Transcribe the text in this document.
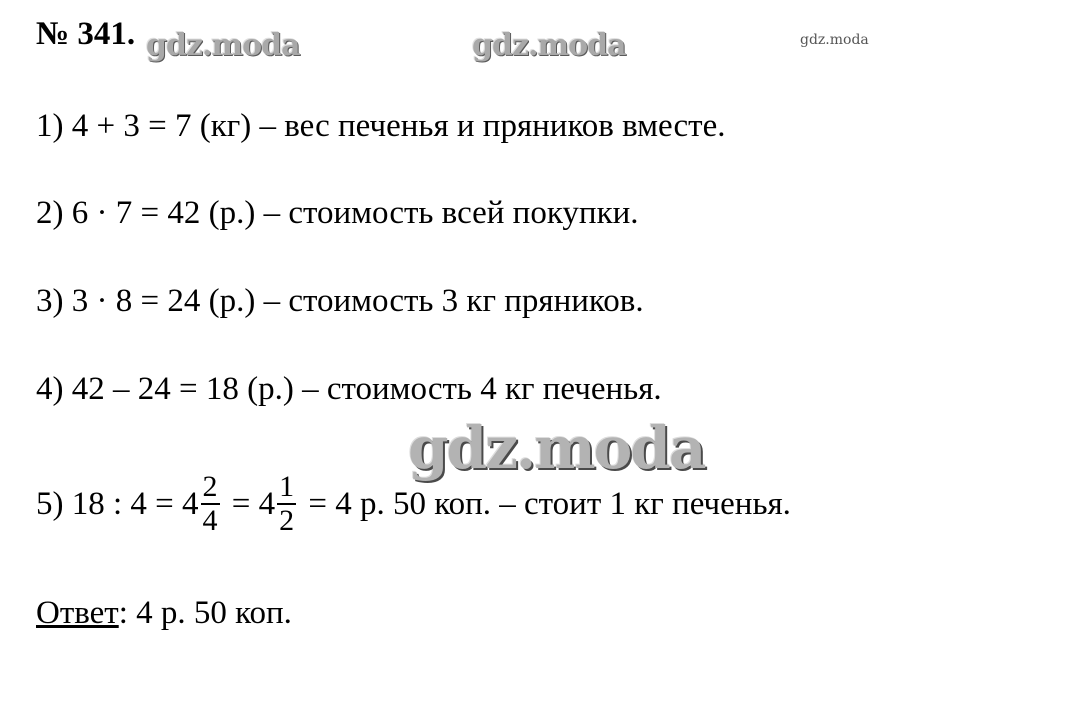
№ 341. gdz.moda	gdz.moda	gdz.moda
1) 4 + 3 = 7 (кг) – вес печенья и пряников вместе.
2) 6 · 7 = 42 (р.) – стоимость всей покупки.
3) 3 · 8 = 24 (р.) – стоимость 3 кг пряников.
4) 42 – 24 = 18 (р.) – стоимость 4 кг печенья.
gdz.moda
5) 18 : $4 = 4 \frac{2}{4} = 4 \frac{1}{2} = 4$ р. 50 коп. – стоит 1 кг печенья.
Ответ: 4 р. 50 коп.
